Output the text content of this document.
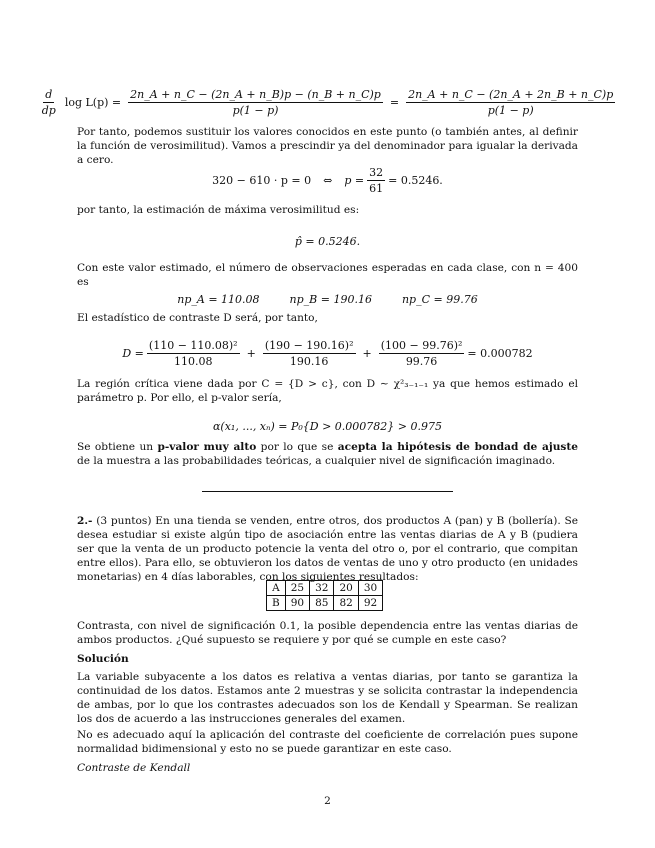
$\frac{d}{dp}$ $\log L(p) = \frac{2n\_A + n\_C - (2n\_A + n\_B)p - (n\_B + n\_C)p}{p(1 - p)} = \frac{2n\_A + n\_C - (2n\_A + 2n\_B + n\_C)p}{p(1 - p)}$
Por tanto, podemos sustituir los valores conocidos en este punto (o también antes, al definir la función de verosimilitud). Vamos a prescindir ya del denominador para igualar la derivada a cero.
320 − 610 · p = 0 ⇔ $p = \frac{32}{61} = 0.5246$.
por tanto, la estimación de máxima verosimilitud es:
p̂ = 0.5246.
Con este valor estimado, el número de observaciones esperadas en cada clase, con n = 400 es
np_A = 110.08	np_B = 190.16	np_C = 99.76
El estadístico de contraste D será, por tanto,
$D = \frac{\text{(110 − 110.08)²}}{110.08} + \frac{\text{(190 − 190.16)²}}{190.16} + \frac{\text{(100 − 99.76)²}}{99.76} = 0.000782$
La región crítica viene dada por C = {D > c}, con D ∼ χ²₃₋₁₋₁ ya que hemos estimado el parámetro p. Por ello, el p-valor sería,
α(x₁, ..., xₙ) = P₀{D > 0.000782} > 0.975
Se obtiene un p-valor muy alto por lo que se acepta la hipótesis de bondad de ajuste de la muestra a las probabilidades teóricas, a cualquier nivel de significación imaginado.
2.- (3 puntos) En una tienda se venden, entre otros, dos productos A (pan) y B (bollería). Se desea estudiar si existe algún tipo de asociación entre las ventas diarias de A y B (pudiera ser que la venta de un producto potencie la venta del otro o, por el contrario, que compitan entre ellos). Para ello, se obtuvieron los datos de ventas de uno y otro producto (en unidades monetarias) en 4 días laborables, con los siguientes resultados:
A	25	32	20	30
B	90	85	82	92
Contrasta, con nivel de significación 0.1, la posible dependencia entre las ventas diarias de ambos productos. ¿Qué supuesto se requiere y por qué se cumple en este caso?
Solución
La variable subyacente a los datos es relativa a ventas diarias, por tanto se garantiza la continuidad de los datos. Estamos ante 2 muestras y se solicita contrastar la independencia de ambas, por lo que los contrastes adecuados son los de Kendall y Spearman. Se realizan los dos de acuerdo a las instrucciones generales del examen.
No es adecuado aquí la aplicación del contraste del coeficiente de correlación pues supone normalidad bidimensional y esto no se puede garantizar en este caso.
Contraste de Kendall
2
